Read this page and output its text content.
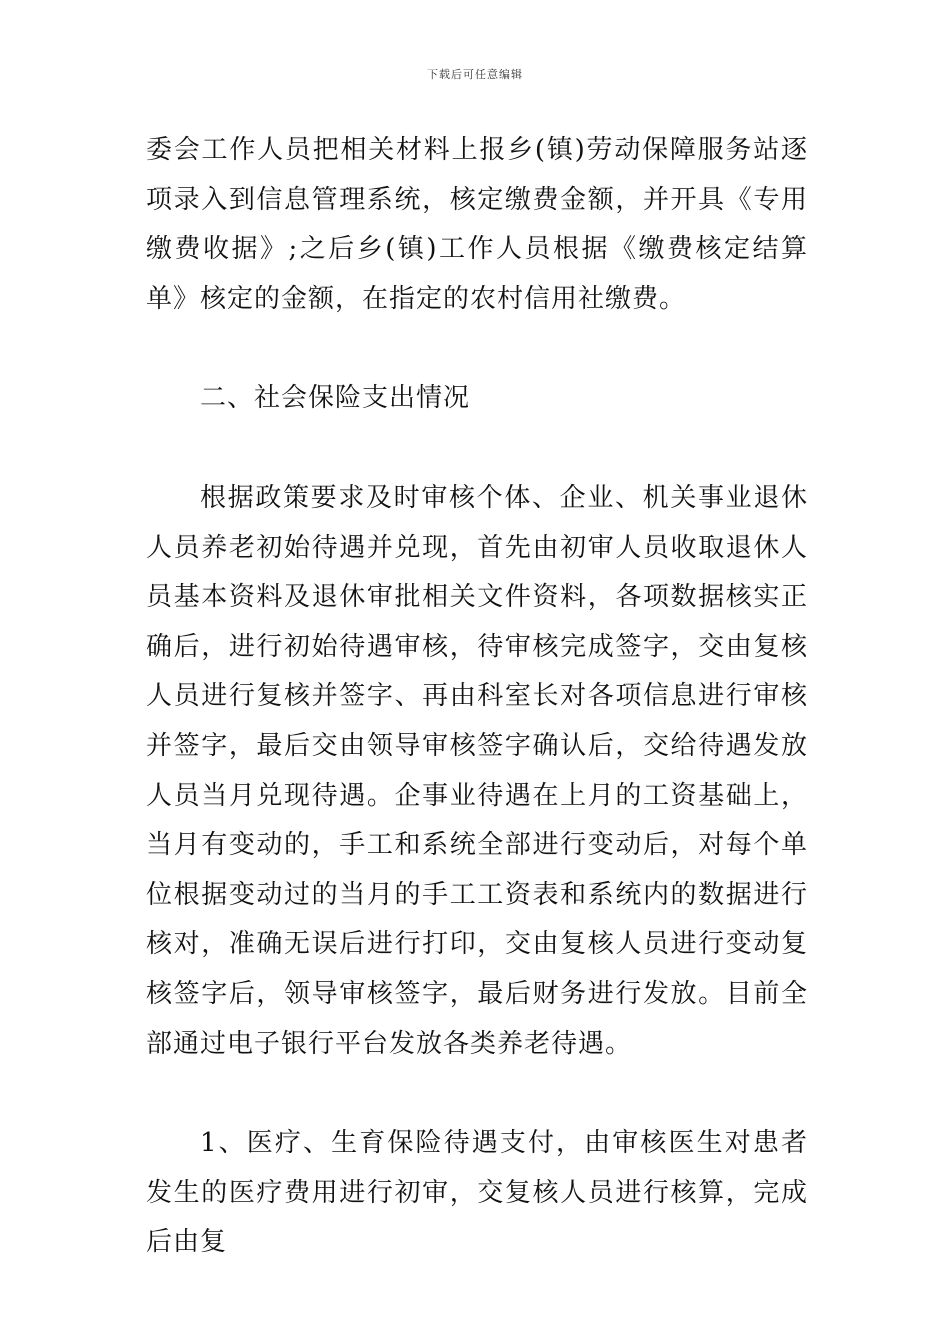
下载后可任意编辑

委会工作人员把相关材料上报乡(镇)劳动保障服务站逐项录入到信息管理系统，核定缴费金额，并开具《专用缴费收据》;之后乡(镇)工作人员根据《缴费核定结算单》核定的金额，在指定的农村信用社缴费。

二、社会保险支出情况

根据政策要求及时审核个体、企业、机关事业退休人员养老初始待遇并兑现，首先由初审人员收取退休人员基本资料及退休审批相关文件资料，各项数据核实正确后，进行初始待遇审核，待审核完成签字，交由复核人员进行复核并签字、再由科室长对各项信息进行审核并签字，最后交由领导审核签字确认后，交给待遇发放人员当月兑现待遇。企事业待遇在上月的工资基础上，当月有变动的，手工和系统全部进行变动后，对每个单位根据变动过的当月的手工工资表和系统内的数据进行核对，准确无误后进行打印，交由复核人员进行变动复核签字后，领导审核签字，最后财务进行发放。目前全部通过电子银行平台发放各类养老待遇。

1、医疗、生育保险待遇支付，由审核医生对患者发生的医疗费用进行初审，交复核人员进行核算，完成后由复
